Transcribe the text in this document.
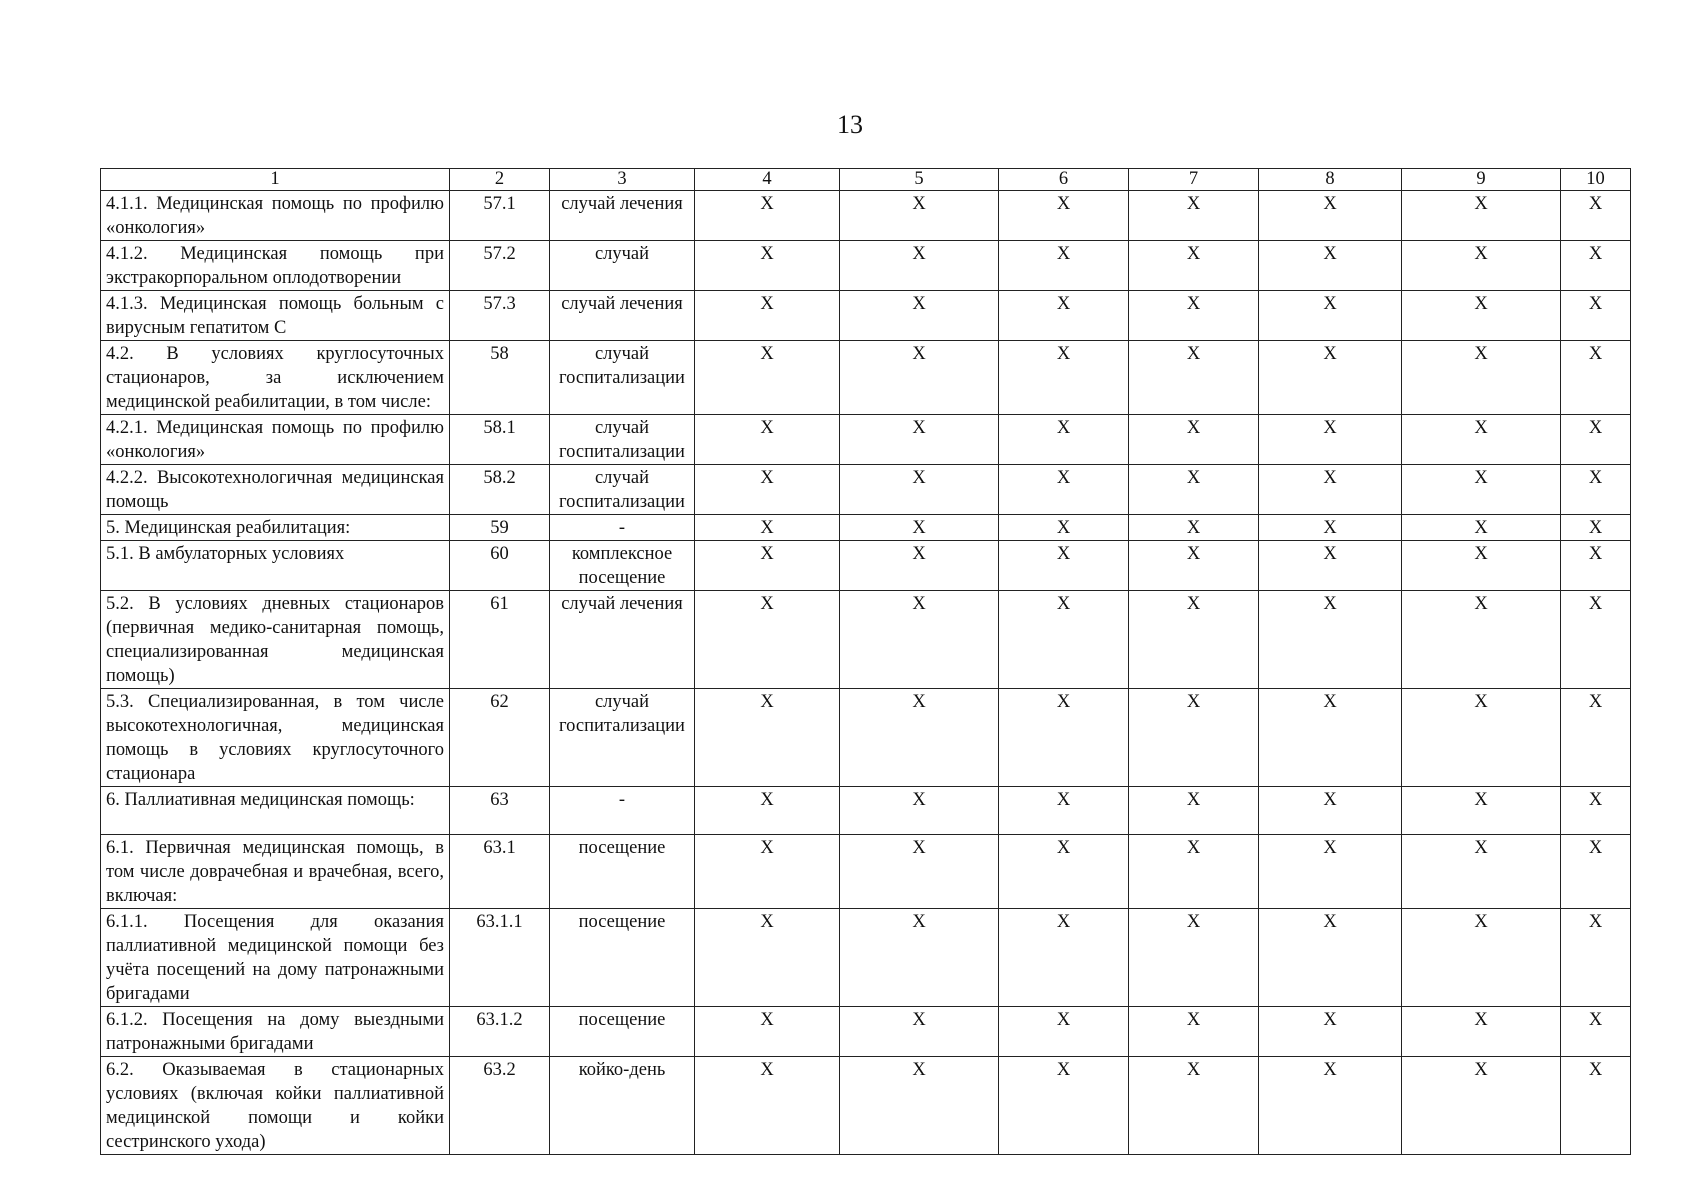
13
1	2	3	4	5	6	7	8	9	10
4.1.1. Медицинская помощь по профилю «онкология»	57.1	случай лечения	X	X	X	X	X	X	X
4.1.2. Медицинская помощь при экстракорпоральном оплодотворении	57.2	случай	X	X	X	X	X	X	X
4.1.3. Медицинская помощь больным с вирусным гепатитом С	57.3	случай лечения	X	X	X	X	X	X	X
4.2. В условиях круглосуточных стационаров, за исключением медицинской реабилитации, в том числе:	58	случай госпитализации	X	X	X	X	X	X	X
4.2.1. Медицинская помощь по профилю «онкология»	58.1	случай госпитализации	X	X	X	X	X	X	X
4.2.2. Высокотехнологичная медицинская помощь	58.2	случай госпитализации	X	X	X	X	X	X	X
5. Медицинская реабилитация:	59	-	X	X	X	X	X	X	X
5.1. В амбулаторных условиях	60	комплексное посещение	X	X	X	X	X	X	X
5.2. В условиях дневных стационаров (первичная медико-санитарная помощь, специализированная медицинская помощь)	61	случай лечения	X	X	X	X	X	X	X
5.3. Специализированная, в том числе высокотехнологичная, медицинская помощь в условиях круглосуточного стационара	62	случай госпитализации	X	X	X	X	X	X	X
6. Паллиативная медицинская помощь:	63	-	X	X	X	X	X	X	X
6.1. Первичная медицинская помощь, в том числе доврачебная и врачебная, всего, включая:	63.1	посещение	X	X	X	X	X	X	X
6.1.1. Посещения для оказания паллиативной медицинской помощи без учёта посещений на дому патронажными бригадами	63.1.1	посещение	X	X	X	X	X	X	X
6.1.2. Посещения на дому выездными патронажными бригадами	63.1.2	посещение	X	X	X	X	X	X	X
6.2. Оказываемая в стационарных условиях (включая койки паллиативной медицинской помощи и койки сестринского ухода)	63.2	койко-день	X	X	X	X	X	X	X
